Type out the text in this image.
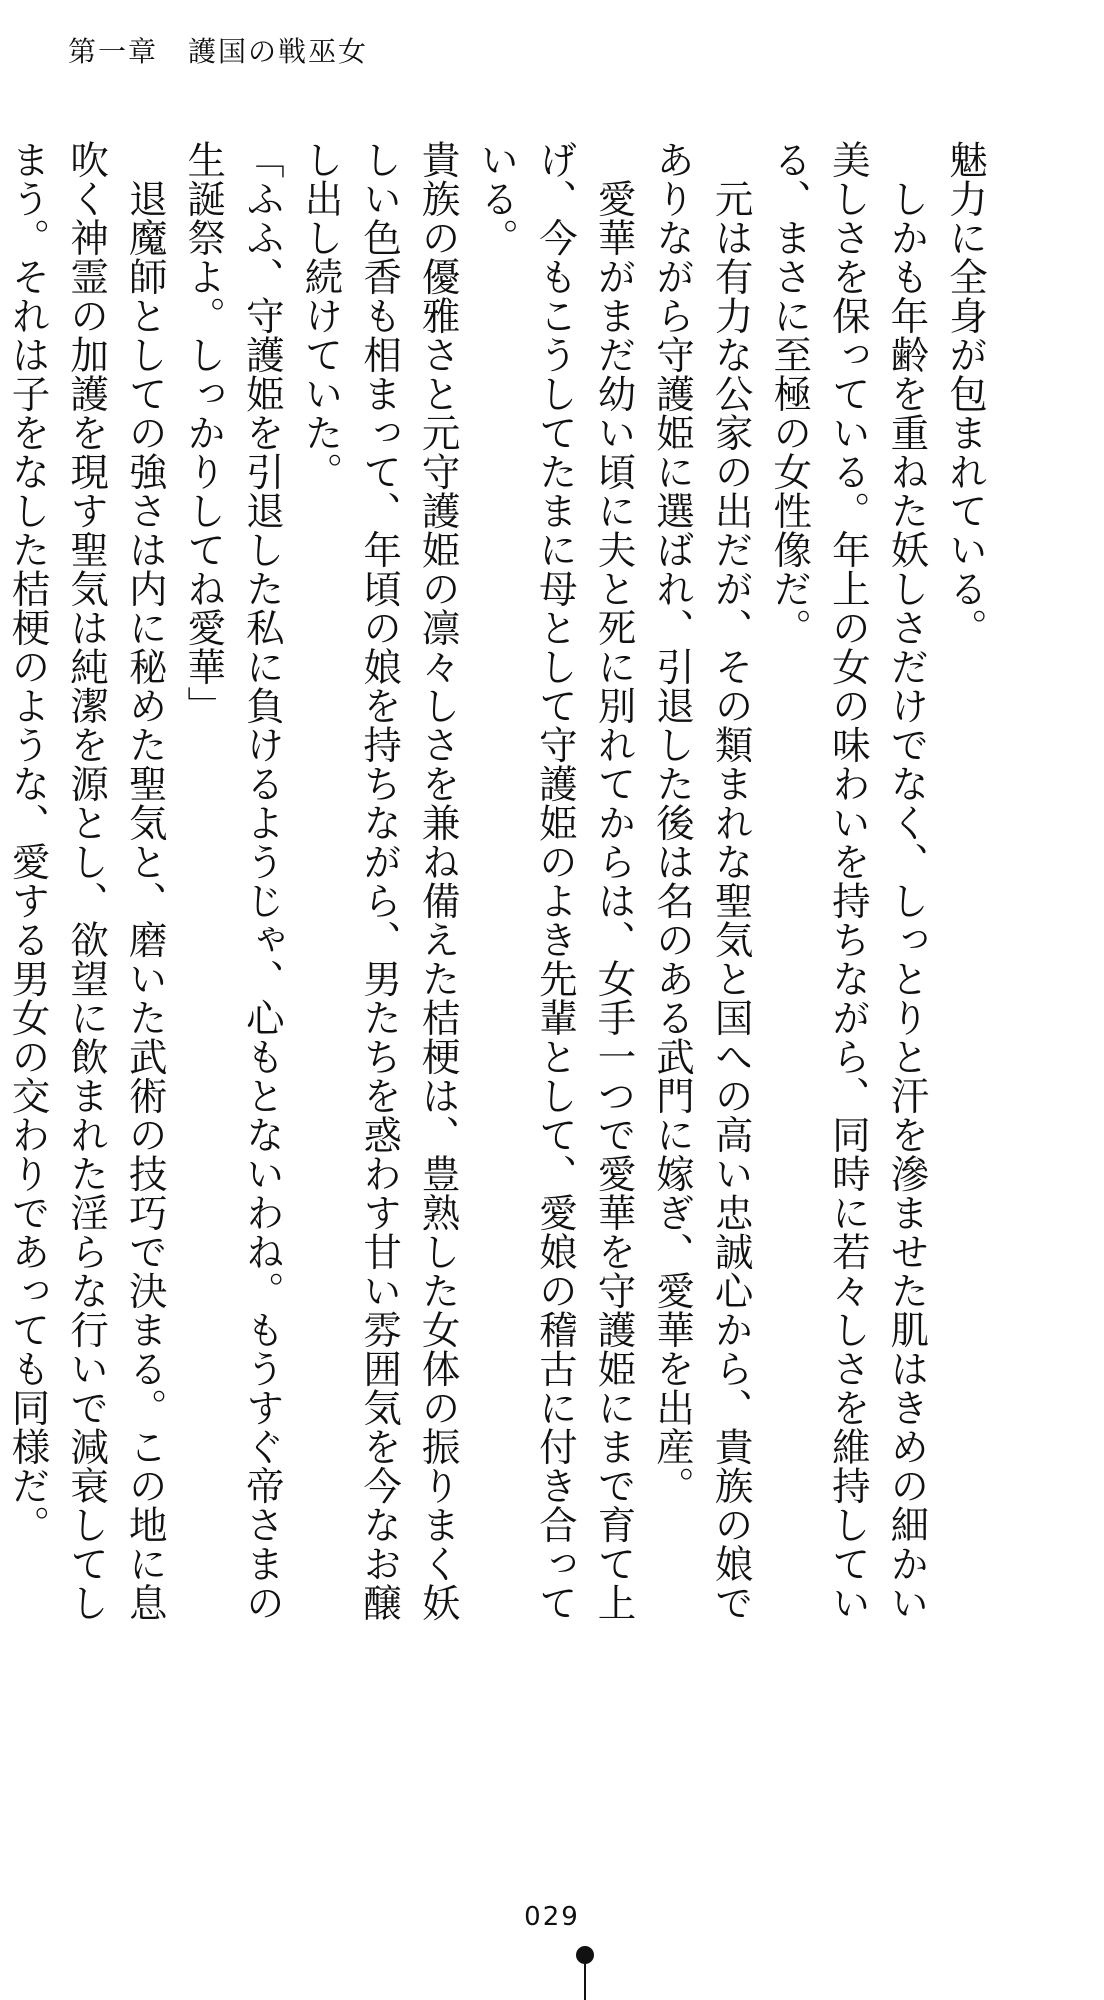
第一章　護国の戦巫女

魅力に全身が包まれている。

しかも年齢を重ねた妖しさだけでなく、しっとりと汗を滲ませた肌はきめの細かい美しさを保っている。年上の女の味わいを持ちながら、同時に若々しさを維持している、まさに至極の女性像だ。

元は有力な公家の出だが、その類まれな聖気と国への高い忠誠心から、貴族の娘でありながら守護姫に選ばれ、引退した後は名のある武門に嫁ぎ、愛華を出産。

愛華がまだ幼い頃に夫と死に別れてからは、女手一つで愛華を守護姫にまで育て上げ、今もこうしてたまに母として守護姫のよき先輩として、愛娘の稽古に付き合っている。

貴族の優雅さと元守護姫の凛々しさを兼ね備えた桔梗は、豊熟した女体の振りまく妖しい色香も相まって、年頃の娘を持ちながら、男たちを惑わす甘い雰囲気を今なお醸し出し続けていた。

「ふふ、守護姫を引退した私に負けるようじゃ、心もとないわね。もうすぐ帝さまの生誕祭よ。しっかりしてね愛華」

退魔師としての強さは内に秘めた聖気と、磨いた武術の技巧で決まる。この地に息吹く神霊の加護を現す聖気は純潔を源とし、欲望に飲まれた淫らな行いで減衰してしまう。それは子をなした桔梗のような、愛する男女の交わりであっても同様だ。

029
